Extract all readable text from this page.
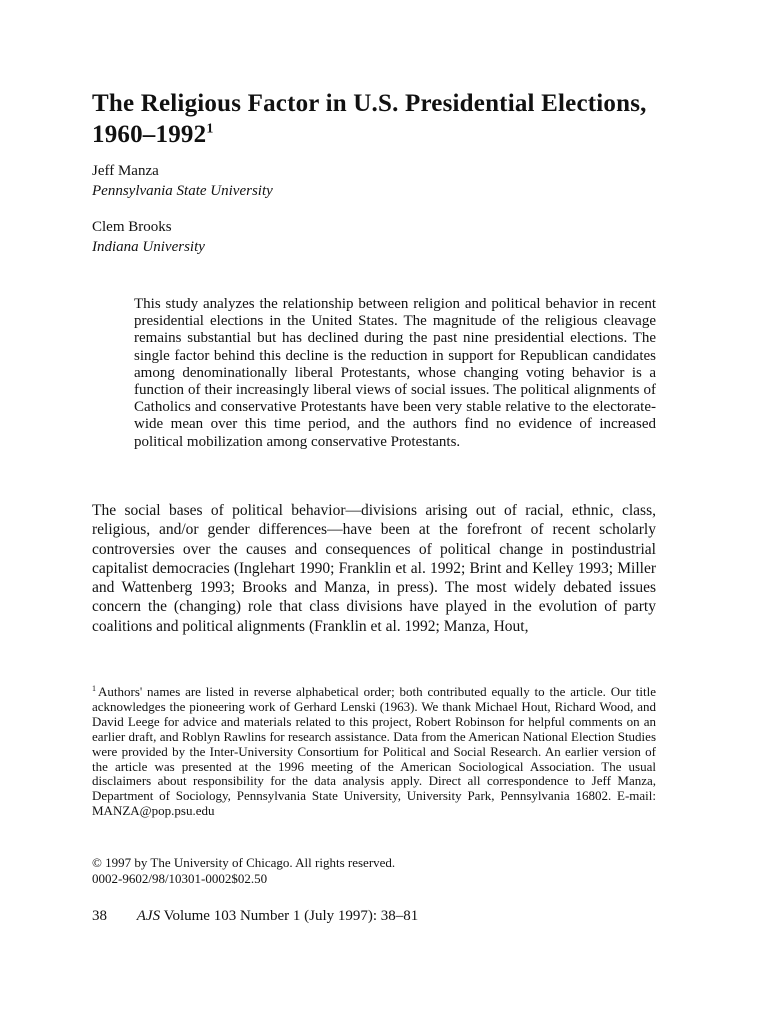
The Religious Factor in U.S. Presidential Elections, 1960–1992$^1$
Jeff Manza
Pennsylvania State University
Clem Brooks
Indiana University

This study analyzes the relationship between religion and political behavior in recent presidential elections in the United States. The magnitude of the religious cleavage remains substantial but has declined during the past nine presidential elections. The single factor behind this decline is the reduction in support for Republican candidates among denominationally liberal Protestants, whose changing voting behavior is a function of their increasingly liberal views of social issues. The political alignments of Catholics and conservative Protestants have been very stable relative to the electorate-wide mean over this time period, and the authors find no evidence of increased political mobilization among conservative Protestants.

The social bases of political behavior—divisions arising out of racial, ethnic, class, religious, and/or gender differences—have been at the forefront of recent scholarly controversies over the causes and consequences of political change in postindustrial capitalist democracies (Inglehart 1990; Franklin et al. 1992; Brint and Kelley 1993; Miller and Wattenberg 1993; Brooks and Manza, in press). The most widely debated issues concern the (changing) role that class divisions have played in the evolution of party coalitions and political alignments (Franklin et al. 1992; Manza, Hout,

$^1$ Authors' names are listed in reverse alphabetical order; both contributed equally to the article. Our title acknowledges the pioneering work of Gerhard Lenski (1963). We thank Michael Hout, Richard Wood, and David Leege for advice and materials related to this project, Robert Robinson for helpful comments on an earlier draft, and Roblyn Rawlins for research assistance. Data from the American National Election Studies were provided by the Inter-University Consortium for Political and Social Research. An earlier version of the article was presented at the 1996 meeting of the American Sociological Association. The usual disclaimers about responsibility for the data analysis apply. Direct all correspondence to Jeff Manza, Department of Sociology, Pennsylvania State University, University Park, Pennsylvania 16802. E-mail: MANZA@pop.psu.edu

© 1997 by The University of Chicago. All rights reserved.
0002-9602/98/10301-0002$02.50
38 AJS Volume 103 Number 1 (July 1997): 38–81
